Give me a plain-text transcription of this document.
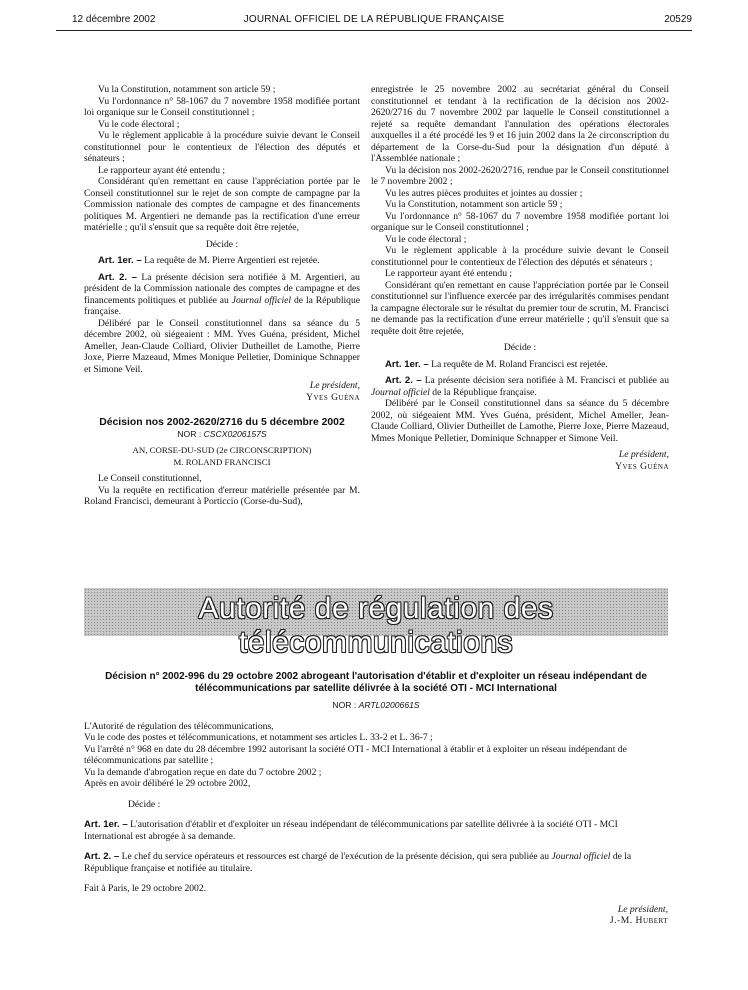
12 décembre 2002	JOURNAL OFFICIEL DE LA RÉPUBLIQUE FRANÇAISE	20529

Vu la Constitution, notamment son article 59 ;

Vu l'ordonnance n° 58-1067 du 7 novembre 1958 modifiée portant loi organique sur le Conseil constitutionnel ;

Vu le code électoral ;

Vu le règlement applicable à la procédure suivie devant le Conseil constitutionnel pour le contentieux de l'élection des députés et sénateurs ;

Le rapporteur ayant été entendu ;

Considérant qu'en remettant en cause l'appréciation portée par le Conseil constitutionnel sur le rejet de son compte de campagne par la Commission nationale des comptes de campagne et des financements politiques M. Argentieri ne demande pas la rectification d'une erreur matérielle ; qu'il s'ensuit que sa requête doit être rejetée,

Décide :

Art. 1er. – La requête de M. Pierre Argentieri est rejetée.

Art. 2. – La présente décision sera notifiée à M. Argentieri, au président de la Commission nationale des comptes de campagne et des financements politiques et publiée au Journal officiel de la République française.

Délibéré par le Conseil constitutionnel dans sa séance du 5 décembre 2002, où siégeaient : MM. Yves Guéna, président, Michel Ameller, Jean-Claude Colliard, Olivier Dutheillet de Lamothe, Pierre Joxe, Pierre Mazeaud, Mmes Monique Pelletier, Dominique Schnapper et Simone Veil.

Le président,

Yves Guéna

Décision nos 2002-2620/2716 du 5 décembre 2002

NOR : CSCX0206157S

AN, CORSE-DU-SUD (2e CIRCONSCRIPTION)

M. ROLAND FRANCISCI

Le Conseil constitutionnel,

Vu la requête en rectification d'erreur matérielle présentée par M. Roland Francisci, demeurant à Porticcio (Corse-du-Sud),

enregistrée le 25 novembre 2002 au secrétariat général du Conseil constitutionnel et tendant à la rectification de la décision nos 2002-2620/2716 du 7 novembre 2002 par laquelle le Conseil constitutionnel a rejeté sa requête demandant l'annulation des opérations électorales auxquelles il a été procédé les 9 et 16 juin 2002 dans la 2e circonscription du département de la Corse-du-Sud pour la désignation d'un député à l'Assemblée nationale ;

Vu la décision nos 2002-2620/2716, rendue par le Conseil constitutionnel le 7 novembre 2002 ;

Vu les autres pièces produites et jointes au dossier ;

Vu la Constitution, notamment son article 59 ;

Vu l'ordonnance n° 58-1067 du 7 novembre 1958 modifiée portant loi organique sur le Conseil constitutionnel ;

Vu le code électoral ;

Vu le règlement applicable à la procédure suivie devant le Conseil constitutionnel pour le contentieux de l'élection des députés et sénateurs ;

Le rapporteur ayant été entendu ;

Considérant qu'en remettant en cause l'appréciation portée par le Conseil constitutionnel sur l'influence exercée par des irrégularités commises pendant la campagne électorale sur le résultat du premier tour de scrutin, M. Francisci ne demande pas la rectification d'une erreur matérielle ; qu'il s'ensuit que sa requête doit être rejetée,

Décide :

Art. 1er. – La requête de M. Roland Francisci est rejetée.

Art. 2. – La présente décision sera notifiée à M. Francisci et publiée au Journal officiel de la République française.

Délibéré par le Conseil constitutionnel dans sa séance du 5 décembre 2002, où siégeaient MM. Yves Guéna, président, Michel Ameller, Jean-Claude Colliard, Olivier Dutheillet de Lamothe, Pierre Joxe, Pierre Mazeaud, Mmes Monique Pelletier, Dominique Schnapper et Simone Veil.

Le président,

Yves Guéna

Autorité de régulation des télécommunications

Décision n° 2002-996 du 29 octobre 2002 abrogeant l'autorisation d'établir et d'exploiter un réseau indépendant de télécommunications par satellite délivrée à la société OTI - MCI International

NOR : ARTL0200661S

L'Autorité de régulation des télécommunications,

Vu le code des postes et télécommunications, et notamment ses articles L. 33-2 et L. 36-7 ;

Vu l'arrêté n° 968 en date du 28 décembre 1992 autorisant la société OTI - MCI International à établir et à exploiter un réseau indépendant de télécommunications par satellite ;

Vu la demande d'abrogation reçue en date du 7 octobre 2002 ;

Après en avoir délibéré le 29 octobre 2002,

Décide :

Art. 1er. – L'autorisation d'établir et d'exploiter un réseau indépendant de télécommunications par satellite délivrée à la société OTI - MCI International est abrogée à sa demande.

Art. 2. – Le chef du service opérateurs et ressources est chargé de l'exécution de la présente décision, qui sera publiée au Journal officiel de la République française et notifiée au titulaire.

Fait à Paris, le 29 octobre 2002.

Le président,

J.-M. Hubert
